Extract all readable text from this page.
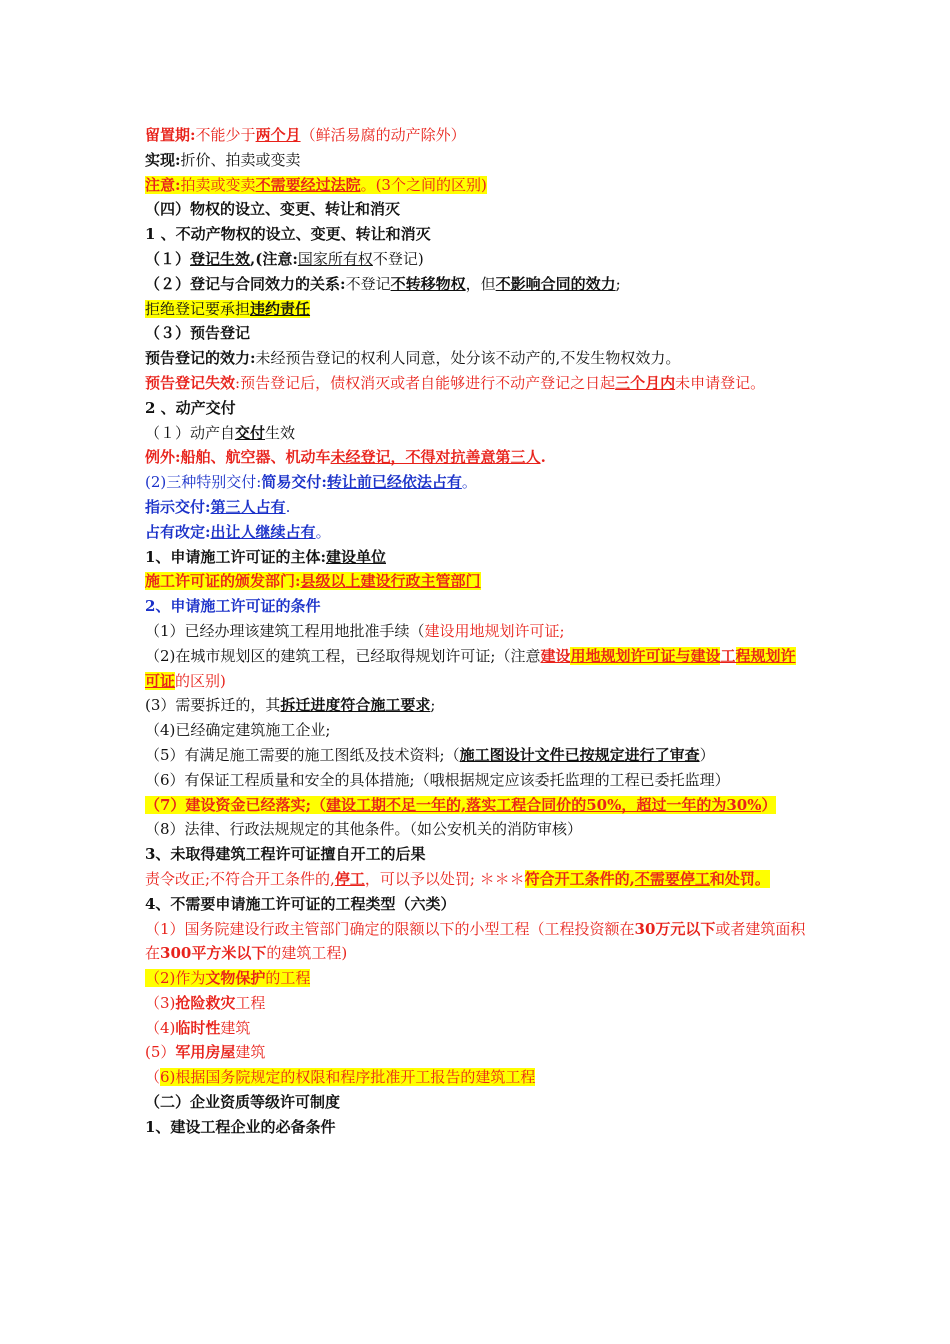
留置期:不能少于两个月（鲜活易腐的动产除外）
实现:折价、拍卖或变卖
注意:拍卖或变卖不需要经过法院。(3个之间的区别)
（四）物权的设立、变更、转让和消灭
1 、不动产物权的设立、变更、转让和消灭
（１）登记生效,(注意:国家所有权不登记)
（２）登记与合同效力的关系:不登记不转移物权，但不影响合同的效力;
拒绝登记要承担违约责任
（３）预告登记
预告登记的效力:未经预告登记的权利人同意，处分该不动产的,不发生物权效力。
预告登记失效:预告登记后，债权消灭或者自能够进行不动产登记之日起三个月内未申请登记。
2 、动产交付
（１）动产自交付生效
例外:船舶、航空器、机动车未经登记，不得对抗善意第三人.
(2)三种特别交付:简易交付:转让前已经依法占有。
指示交付:第三人占有.
占有改定:出让人继续占有。
1、申请施工许可证的主体:建设单位
施工许可证的颁发部门:县级以上建设行政主管部门
2、申请施工许可证的条件
（1）已经办理该建筑工程用地批准手续（建设用地规划许可证;
（2)在城市规划区的建筑工程，已经取得规划许可证;（注意建设用地规划许可证与建设工程规划许可证的区别)
(3）需要拆迁的，其拆迁进度符合施工要求;
（4)已经确定建筑施工企业;
（5）有满足施工需要的施工图纸及技术资料;（施工图设计文件已按规定进行了审查）
（6）有保证工程质量和安全的具体措施;（哦根据规定应该委托监理的工程已委托监理）
（7）建设资金已经落实;（建设工期不足一年的,落实工程合同价的50%，超过一年的为30%）
（8）法律、行政法规规定的其他条件。（如公安机关的消防审核）
3、未取得建筑工程许可证擅自开工的后果
责令改正;不符合开工条件的,停工，可以予以处罚; ＊＊＊符合开工条件的,不需要停工和处罚。
4、不需要申请施工许可证的工程类型（六类）
（1）国务院建设行政主管部门确定的限额以下的小型工程（工程投资额在30万元以下或者建筑面积在300平方米以下的建筑工程)
（2)作为文物保护的工程
（3)抢险救灾工程
（4)临时性建筑
(5）军用房屋建筑
（6)根据国务院规定的权限和程序批准开工报告的建筑工程
（二）企业资质等级许可制度
1、建设工程企业的必备条件
